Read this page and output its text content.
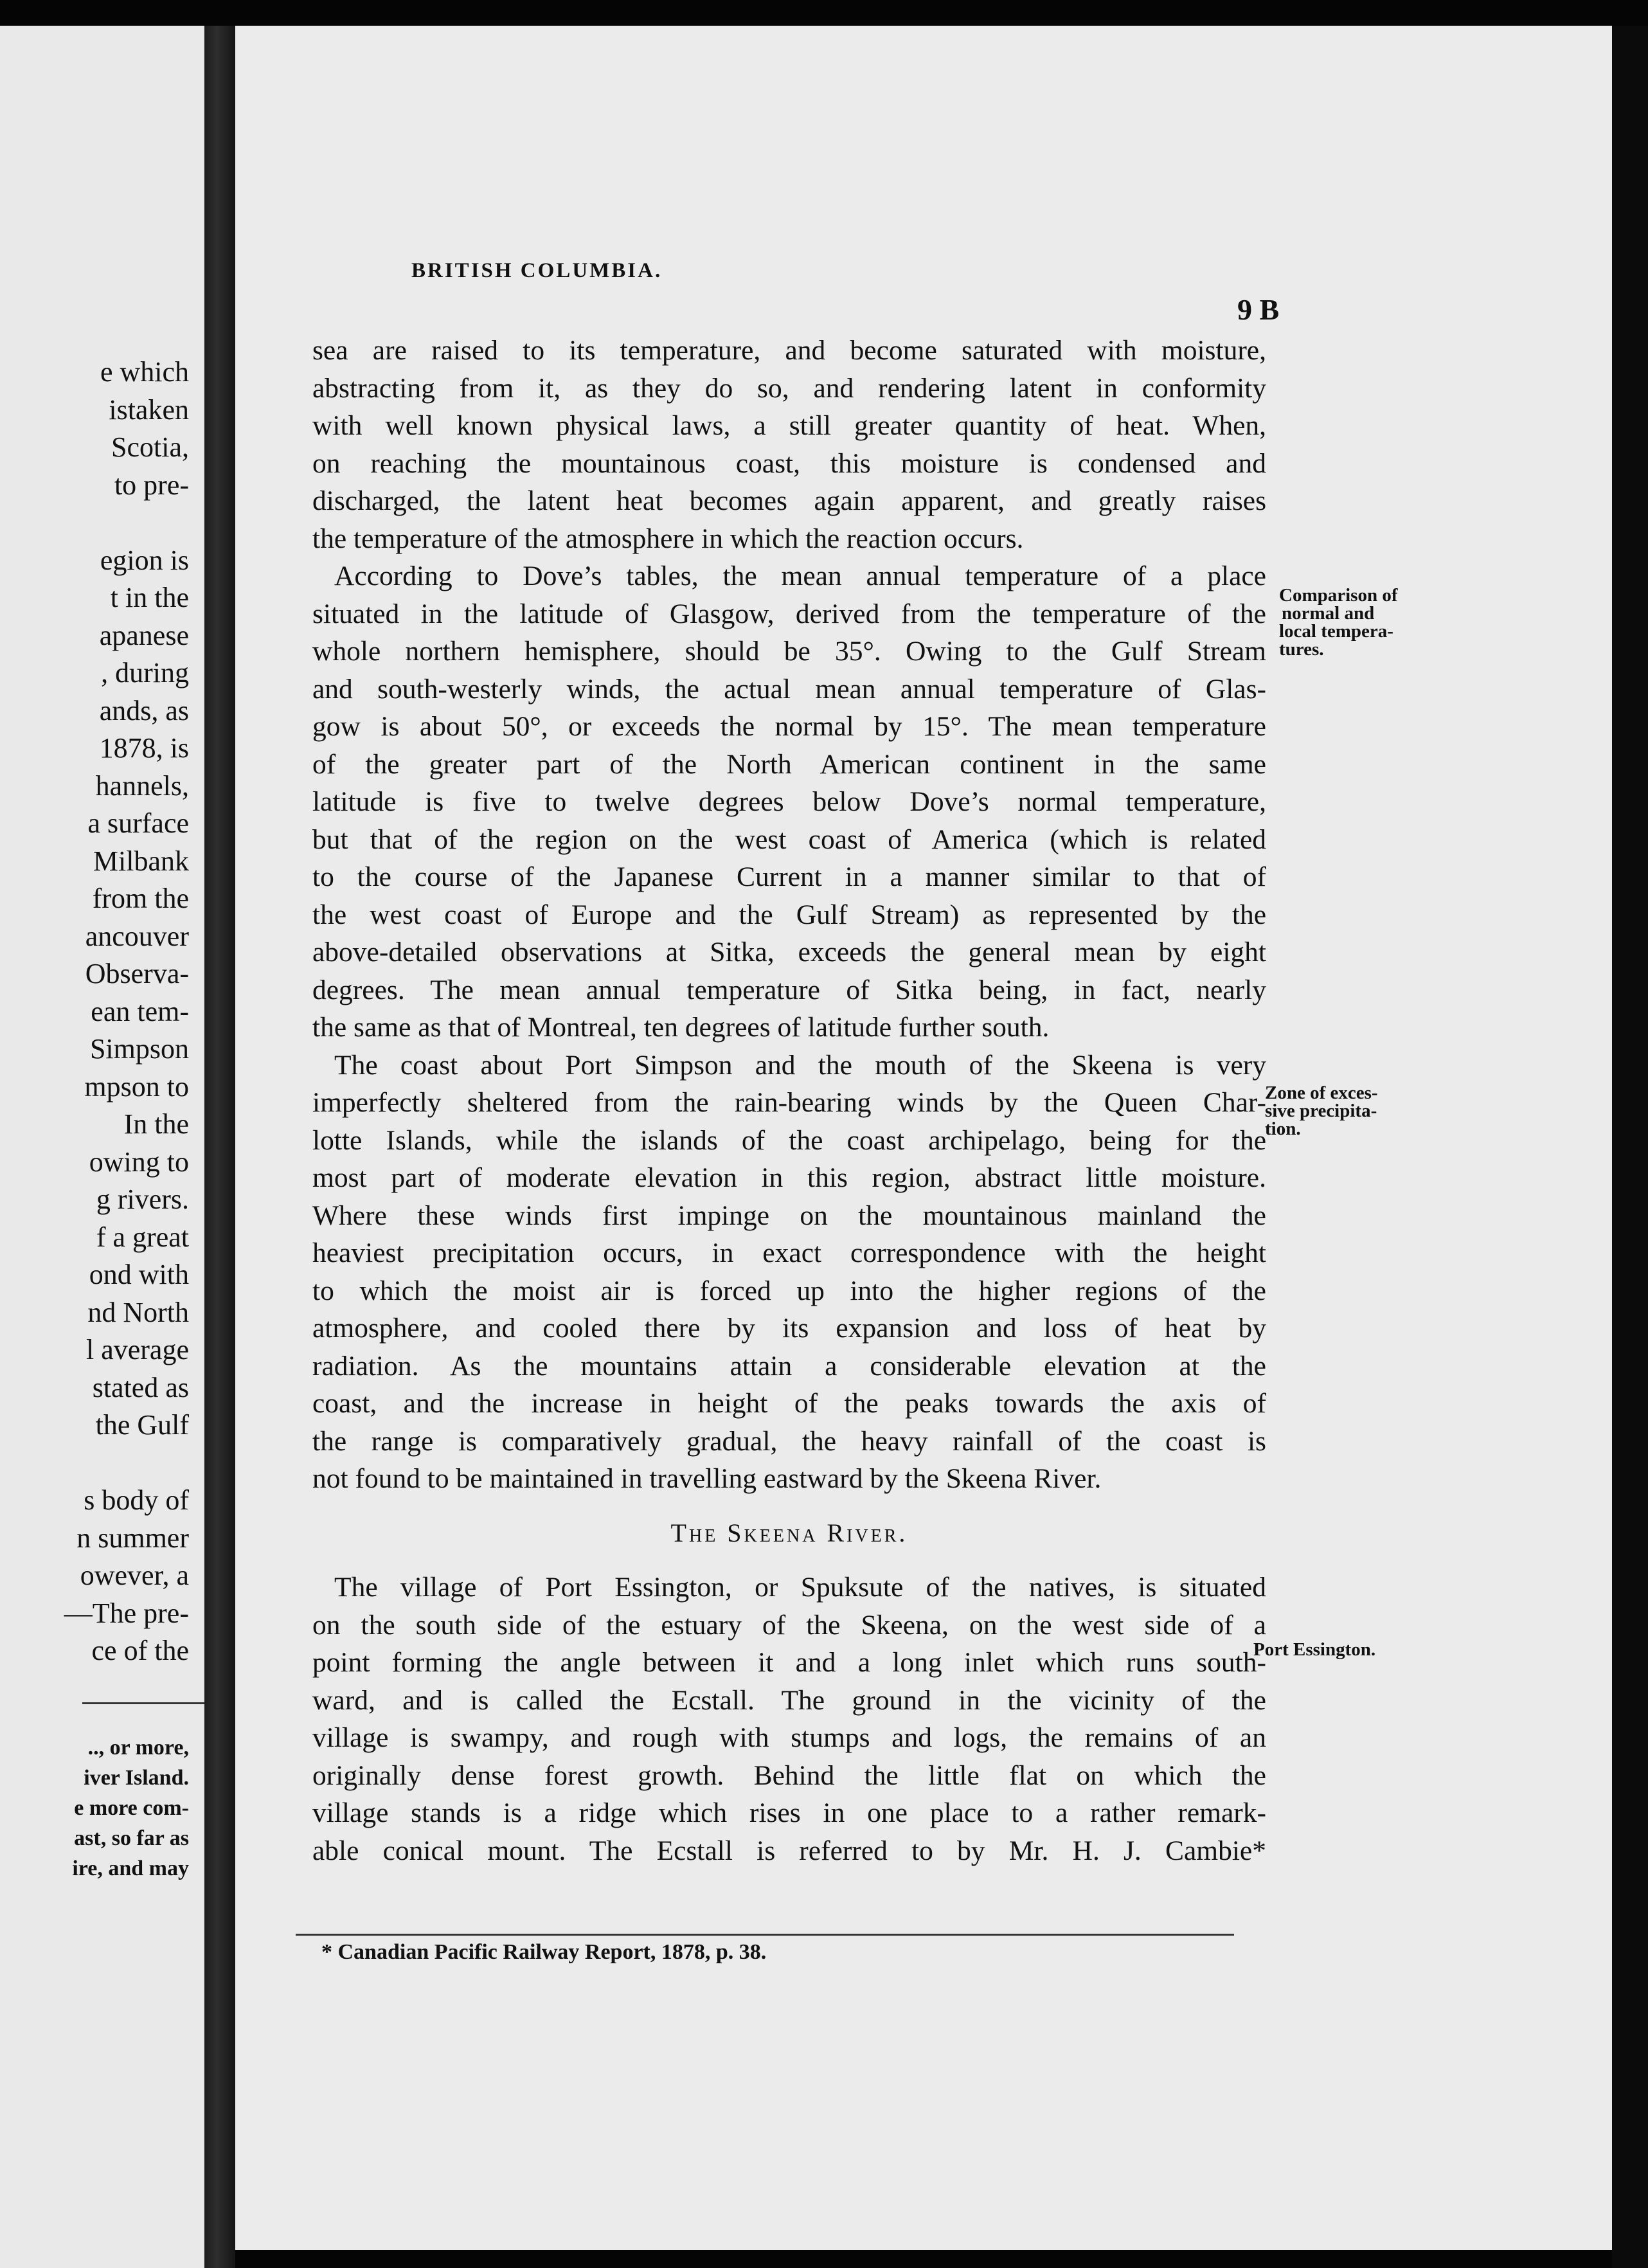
e which
istaken
Scotia,
to pre-

egion is
t in the
apanese
, during
ands, as
1878, is
hannels,
a surface
Milbank
from the
ancouver
Observa-
ean tem-
Simpson
mpson to
In the
owing to
g rivers.
f a great
ond with
nd North
l average
stated as
the Gulf

s body of
n summer
owever, a
—The pre-
ce of the
.., or more,
iver Island.
e more com-
ast, so far as
ire, and may
BRITISH COLUMBIA.
9 B
sea are raised to its temperature, and become saturated with moisture,
abstracting from it, as they do so, and rendering latent in conformity
with well known physical laws, a still greater quantity of heat. When,
on reaching the mountainous coast, this moisture is condensed and
discharged, the latent heat becomes again apparent, and greatly raises
the temperature of the atmosphere in which the reaction occurs.
According to Dove’s tables, the mean annual temperature of a place
situated in the latitude of Glasgow, derived from the temperature of the
whole northern hemisphere, should be 35°. Owing to the Gulf Stream
and south-westerly winds, the actual mean annual temperature of Glas-
gow is about 50°, or exceeds the normal by 15°. The mean temperature
of the greater part of the North American continent in the same
latitude is five to twelve degrees below Dove’s normal temperature,
but that of the region on the west coast of America (which is related
to the course of the Japanese Current in a manner similar to that of
the west coast of Europe and the Gulf Stream) as represented by the
above-detailed observations at Sitka, exceeds the general mean by eight
degrees. The mean annual temperature of Sitka being, in fact, nearly
the same as that of Montreal, ten degrees of latitude further south.
The coast about Port Simpson and the mouth of the Skeena is very
imperfectly sheltered from the rain-bearing winds by the Queen Char-
lotte Islands, while the islands of the coast archipelago, being for the
most part of moderate elevation in this region, abstract little moisture.
Where these winds first impinge on the mountainous mainland the
heaviest precipitation occurs, in exact correspondence with the height
to which the moist air is forced up into the higher regions of the
atmosphere, and cooled there by its expansion and loss of heat by
radiation. As the mountains attain a considerable elevation at the
coast, and the increase in height of the peaks towards the axis of
the range is comparatively gradual, the heavy rainfall of the coast is
not found to be maintained in travelling eastward by the Skeena River.
The Skeena River.
The village of Port Essington, or Spuksute of the natives, is situated
on the south side of the estuary of the Skeena, on the west side of a
point forming the angle between it and a long inlet which runs south-
ward, and is called the Ecstall. The ground in the vicinity of the
village is swampy, and rough with stumps and logs, the remains of an
originally dense forest growth. Behind the little flat on which the
village stands is a ridge which rises in one place to a rather remark-
able conical mount. The Ecstall is referred to by Mr. H. J. Cambie*
Comparison of
normal and
local tempera-
tures.
Zone of exces-
sive precipita-
tion.
Port Essington.
* Canadian Pacific Railway Report, 1878, p. 38.
